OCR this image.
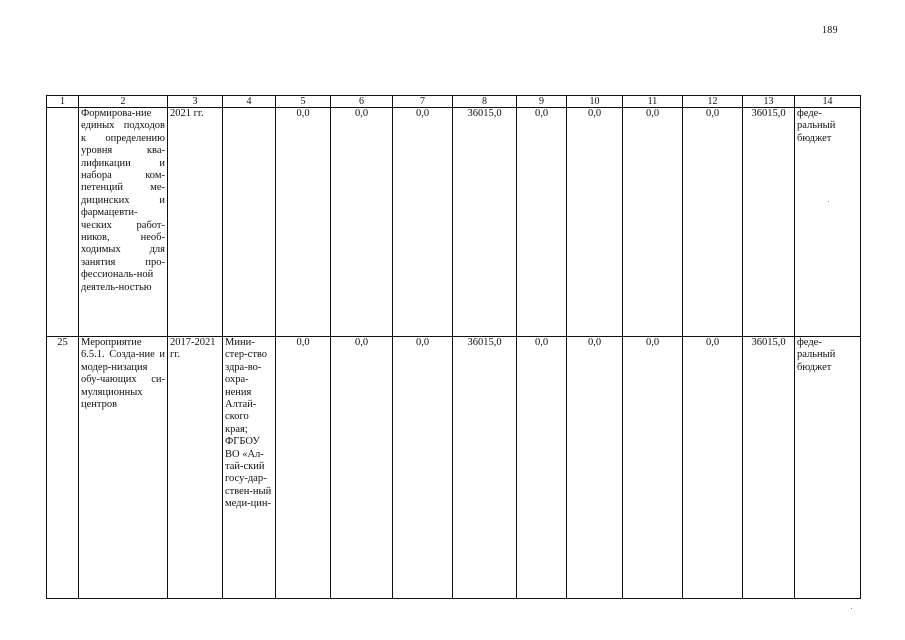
189
1	2	3	4	5	6	7	8	9	10	11	12	13	14
	Формирова-ние единых подходов к определению уровня ква-лификации и набора ком-петенций ме-дицинских и фармацевти-ческих работ-ников, необ-ходимых для занятия про-фессиональ-ной деятель-ностью	2021 гг.		0,0	0,0	0,0	36015,0	0,0	0,0	0,0	0,0	36015,0	феде-ральный бюджет
25	Мероприятие 6.5.1. Созда-ние и модер-низация обу-чающих си-муляционных центров	2017-2021 гг.	Мини-стер-ство здра-во-охра-нения Алтай-ского края; ФГБОУ ВО «Ал-тай-ский госу-дар-ствен-ный меди-цин-	0,0	0,0	0,0	36015,0	0,0	0,0	0,0	0,0	36015,0	феде-ральный бюджет
